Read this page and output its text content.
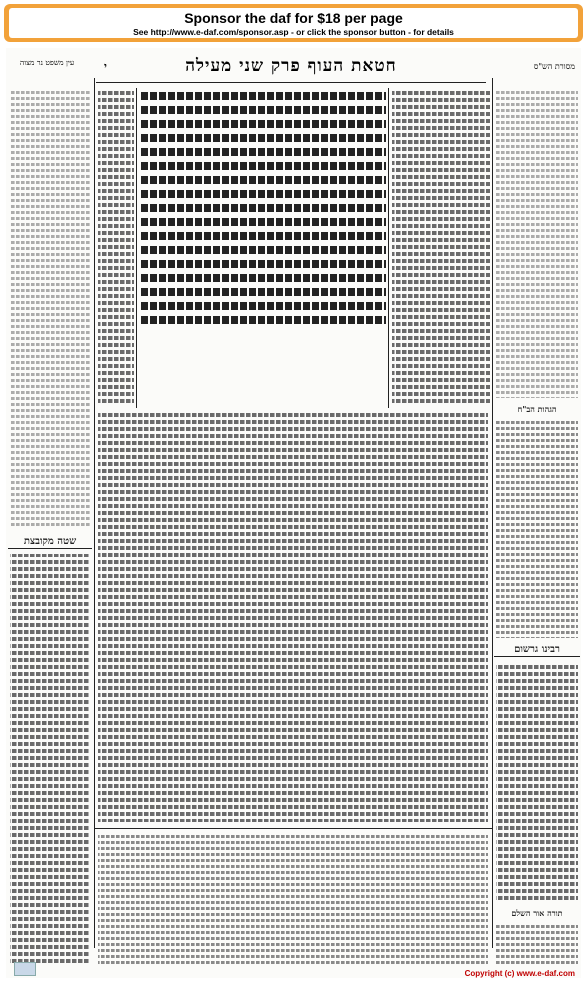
Sponsor the daf for $18 per page
See http://www.e-daf.com/sponsor.asp - or click the sponsor button - for details
מסורת הש"ס
חטאת העוף פרק שני מעילה
י
עין משפט נר מצוה
שטה מקובצת
רבינו גרשום
הגהות הב"ח
תורה אור השלם
Copyright (c) www.e-daf.com
